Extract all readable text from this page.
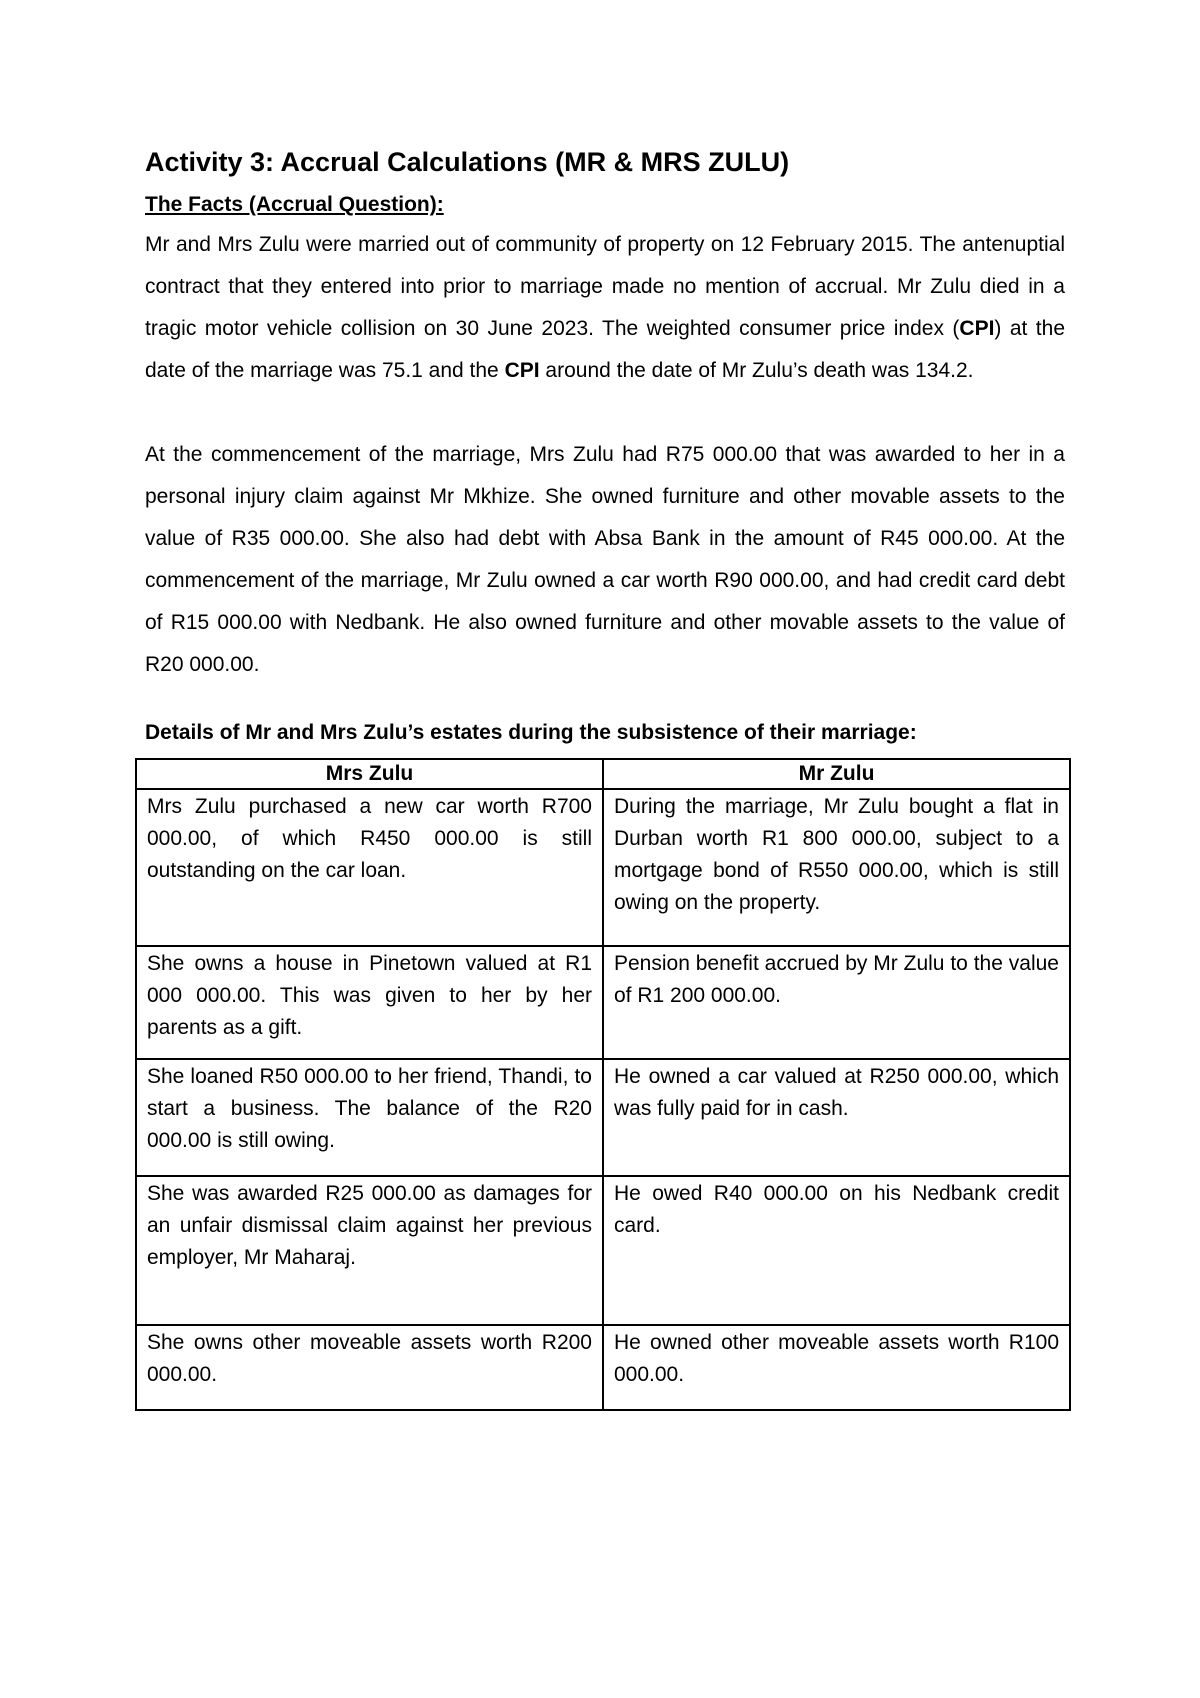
Activity 3: Accrual Calculations (MR & MRS ZULU)

The Facts (Accrual Question):

Mr and Mrs Zulu were married out of community of property on 12 February 2015. The antenuptial contract that they entered into prior to marriage made no mention of accrual. Mr Zulu died in a tragic motor vehicle collision on 30 June 2023. The weighted consumer price index (CPI) at the date of the marriage was 75.1 and the CPI around the date of Mr Zulu’s death was 134.2.

At the commencement of the marriage, Mrs Zulu had R75 000.00 that was awarded to her in a personal injury claim against Mr Mkhize. She owned furniture and other movable assets to the value of R35 000.00. She also had debt with Absa Bank in the amount of R45 000.00. At the commencement of the marriage, Mr Zulu owned a car worth R90 000.00, and had credit card debt of R15 000.00 with Nedbank. He also owned furniture and other movable assets to the value of R20 000.00.

Details of Mr and Mrs Zulu’s estates during the subsistence of their marriage:

Mrs Zulu	Mr Zulu
Mrs Zulu purchased a new car worth R700 000.00, of which R450 000.00 is still outstanding on the car loan.	During the marriage, Mr Zulu bought a flat in Durban worth R1 800 000.00, subject to a mortgage bond of R550 000.00, which is still owing on the property.
She owns a house in Pinetown valued at R1 000 000.00. This was given to her by her parents as a gift.	Pension benefit accrued by Mr Zulu to the value of R1 200 000.00.
She loaned R50 000.00 to her friend, Thandi, to start a business. The balance of the R20 000.00 is still owing.	He owned a car valued at R250 000.00, which was fully paid for in cash.
She was awarded R25 000.00 as damages for an unfair dismissal claim against her previous employer, Mr Maharaj.	He owed R40 000.00 on his Nedbank credit card.
She owns other moveable assets worth R200 000.00.	He owned other moveable assets worth R100 000.00.
